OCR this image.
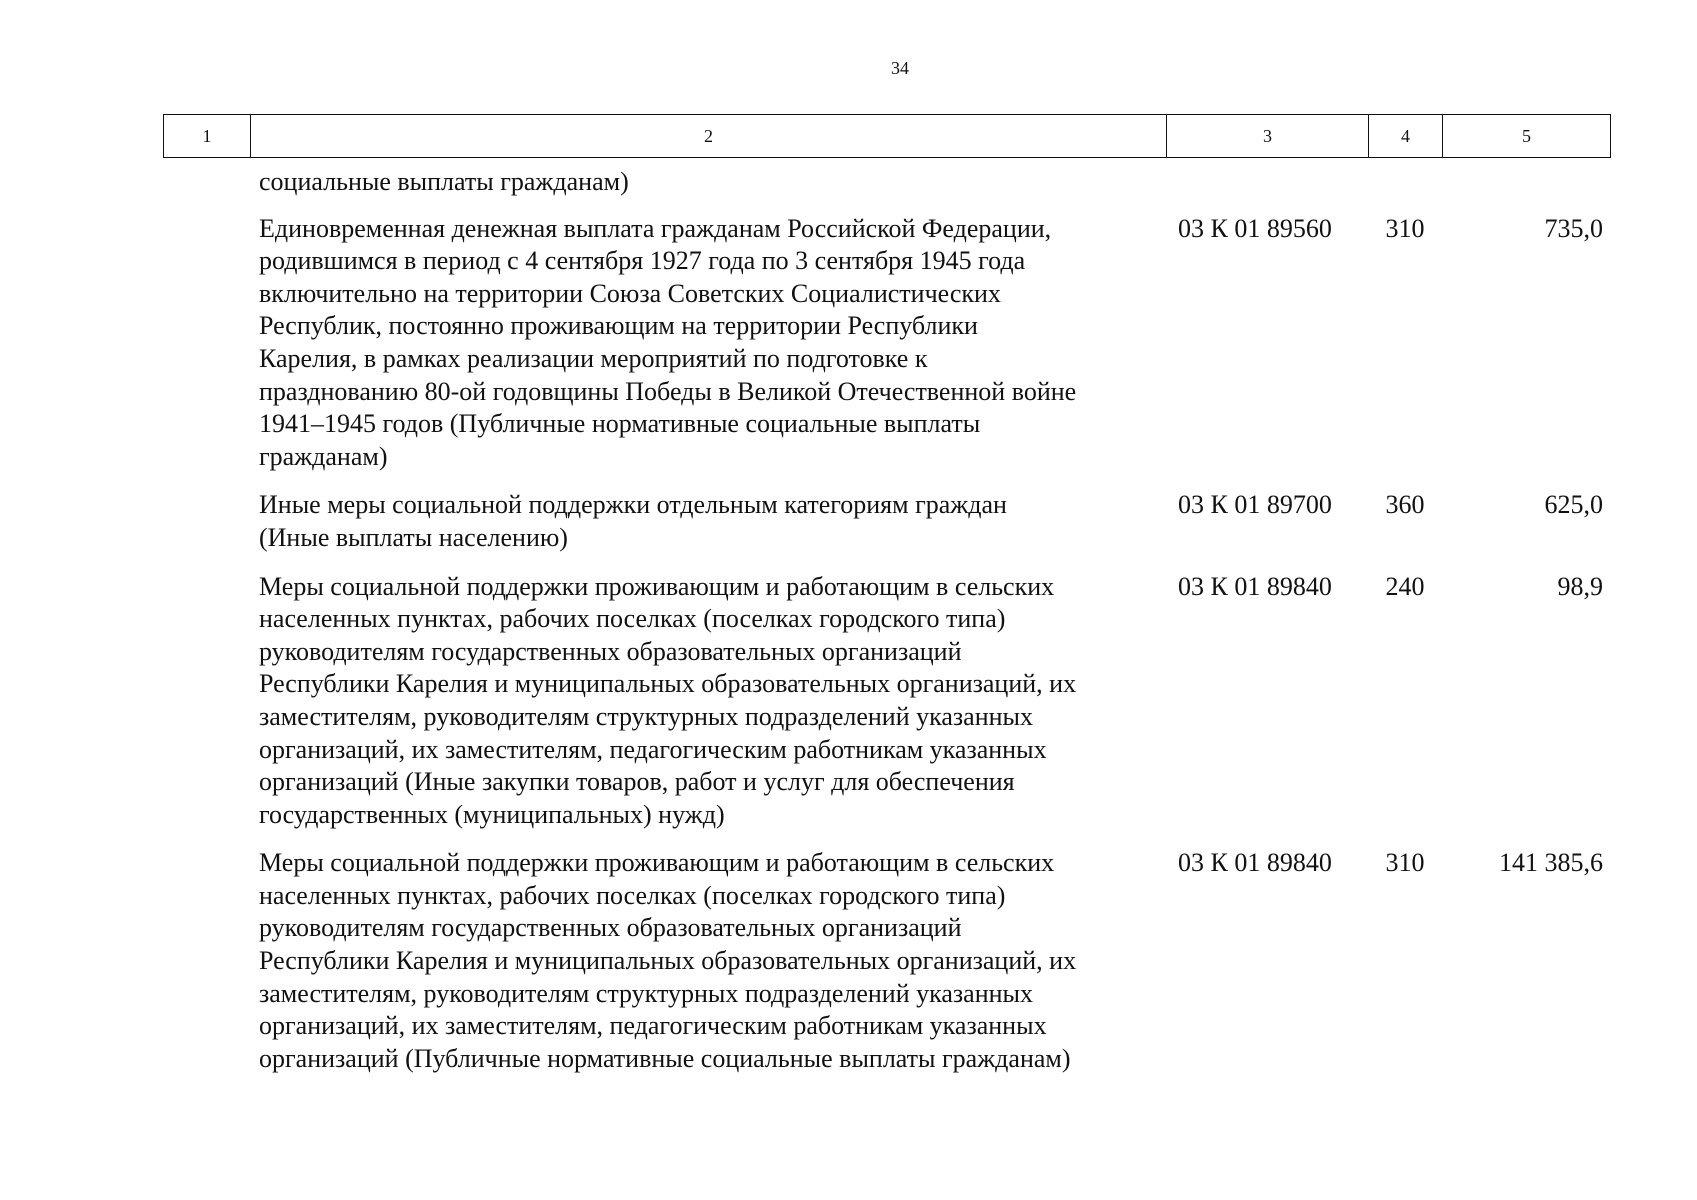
34
1	2	3	4	5
социальные выплаты гражданам)
Единовременная денежная выплата гражданам Российской Федерации,
родившимся в период с 4 сентября 1927 года по 3 сентября 1945 года
включительно на территории Союза Советских Социалистических
Республик, постоянно проживающим на территории Республики
Карелия, в рамках реализации мероприятий по подготовке к
празднованию 80-ой годовщины Победы в Великой Отечественной войне
1941–1945 годов (Публичные нормативные социальные выплаты
гражданам)
03 К 01 89560	310	735,0
Иные меры социальной поддержки отдельным категориям граждан
(Иные выплаты населению)
03 К 01 89700	360	625,0
Меры социальной поддержки проживающим и работающим в сельских
населенных пунктах, рабочих поселках (поселках городского типа)
руководителям государственных образовательных организаций
Республики Карелия и муниципальных образовательных организаций, их
заместителям, руководителям структурных подразделений указанных
организаций, их заместителям, педагогическим работникам указанных
организаций (Иные закупки товаров, работ и услуг для обеспечения
государственных (муниципальных) нужд)
03 К 01 89840	240	98,9
Меры социальной поддержки проживающим и работающим в сельских
населенных пунктах, рабочих поселках (поселках городского типа)
руководителям государственных образовательных организаций
Республики Карелия и муниципальных образовательных организаций, их
заместителям, руководителям структурных подразделений указанных
организаций, их заместителям, педагогическим работникам указанных
организаций (Публичные нормативные социальные выплаты гражданам)
03 К 01 89840	310	141 385,6
